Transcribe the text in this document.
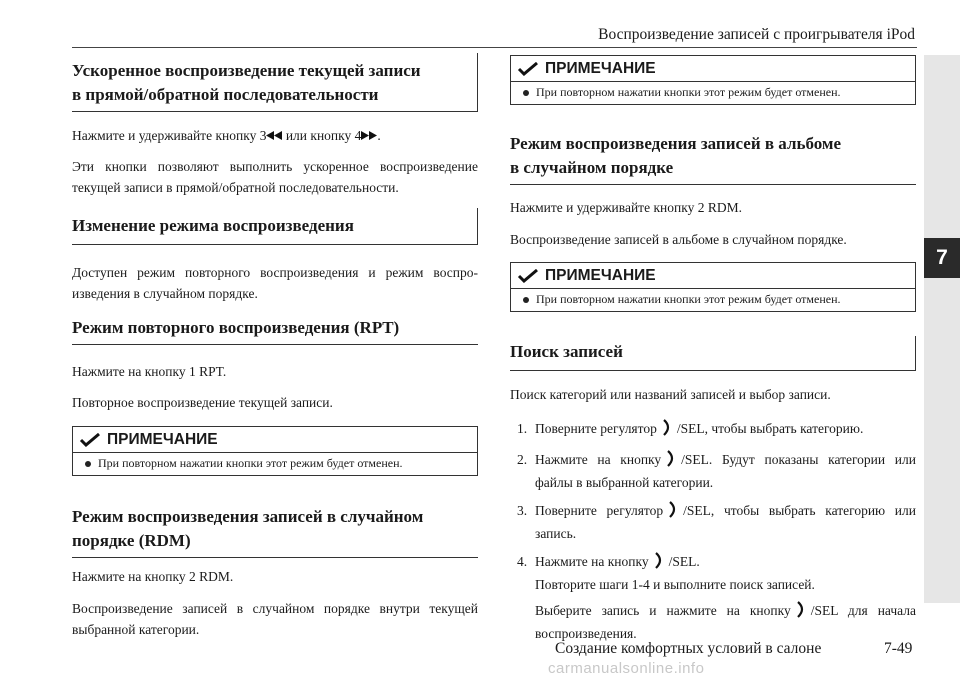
Воспроизведение записей с проигрывателя iPod
7
Ускоренное воспроизведение текущей записи
в прямой/обратной последовательности
Нажмите и удерживайте кнопку 3 или кнопку 4 .
Эти кнопки позволяют выполнить ускоренное воспроизведение текущей записи в прямой/обратной последовательности.
Изменение режима воспроизведения
Доступен режим повторного воспроизведения и режим воспро-изведения в случайном порядке.
Режим повторного воспроизведения (RPT)
Нажмите на кнопку 1 RPT.
Повторное воспроизведение текущей записи.
ПРИМЕЧАНИЕ
При повторном нажатии кнопки этот режим будет отменен.
Режим воспроизведения записей в случайном
порядке (RDM)
Нажмите на кнопку 2 RDM.
Воспроизведение записей в случайном порядке внутри текущей выбранной категории.
ПРИМЕЧАНИЕ
При повторном нажатии кнопки этот режим будет отменен.
Режим воспроизведения записей в альбоме
в случайном порядке
Нажмите и удерживайте кнопку 2 RDM.
Воспроизведение записей в альбоме в случайном порядке.
ПРИМЕЧАНИЕ
При повторном нажатии кнопки этот режим будет отменен.
Поиск записей
Поиск категорий или названий записей и выбор записи.
1. Поверните регулятор /SEL, чтобы выбрать категорию.
2. Нажмите на кнопку /SEL. Будут показаны категории или файлы в выбранной категории.
3. Поверните регулятор /SEL, чтобы выбрать категорию или запись.
4. Нажмите на кнопку /SEL.
Повторите шаги 1-4 и выполните поиск записей.
Выберите запись и нажмите на кнопку /SEL для начала воспроизведения.
Создание комфортных условий в салоне	7-49
carmanualsonline.info
